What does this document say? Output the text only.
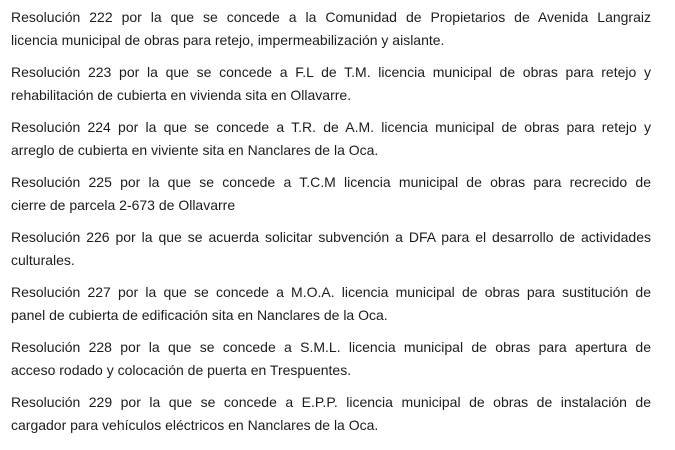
Resolución 222 por la que se concede a la Comunidad de Propietarios de Avenida Langraiz
licencia municipal de obras para retejo, impermeabilización y aislante.

Resolución 223 por la que se concede a F.L de T.M. licencia municipal de obras para retejo y
rehabilitación de cubierta en vivienda sita en Ollavarre.

Resolución 224 por la que se concede a T.R. de A.M. licencia municipal de obras para retejo y
arreglo de cubierta en viviente sita en Nanclares de la Oca.

Resolución 225 por la que se concede a T.C.M licencia municipal de obras para recrecido de
cierre de parcela 2-673 de Ollavarre

Resolución 226 por la que se acuerda solicitar subvención a DFA para el desarrollo de actividades
culturales.

Resolución 227 por la que se concede a M.O.A. licencia municipal de obras para sustitución de
panel de cubierta de edificación sita en Nanclares de la Oca.

Resolución 228 por la que se concede a S.M.L. licencia municipal de obras para apertura de
acceso rodado y colocación de puerta en Trespuentes.

Resolución 229 por la que se concede a E.P.P. licencia municipal de obras de instalación de
cargador para vehículos eléctricos en Nanclares de la Oca.
